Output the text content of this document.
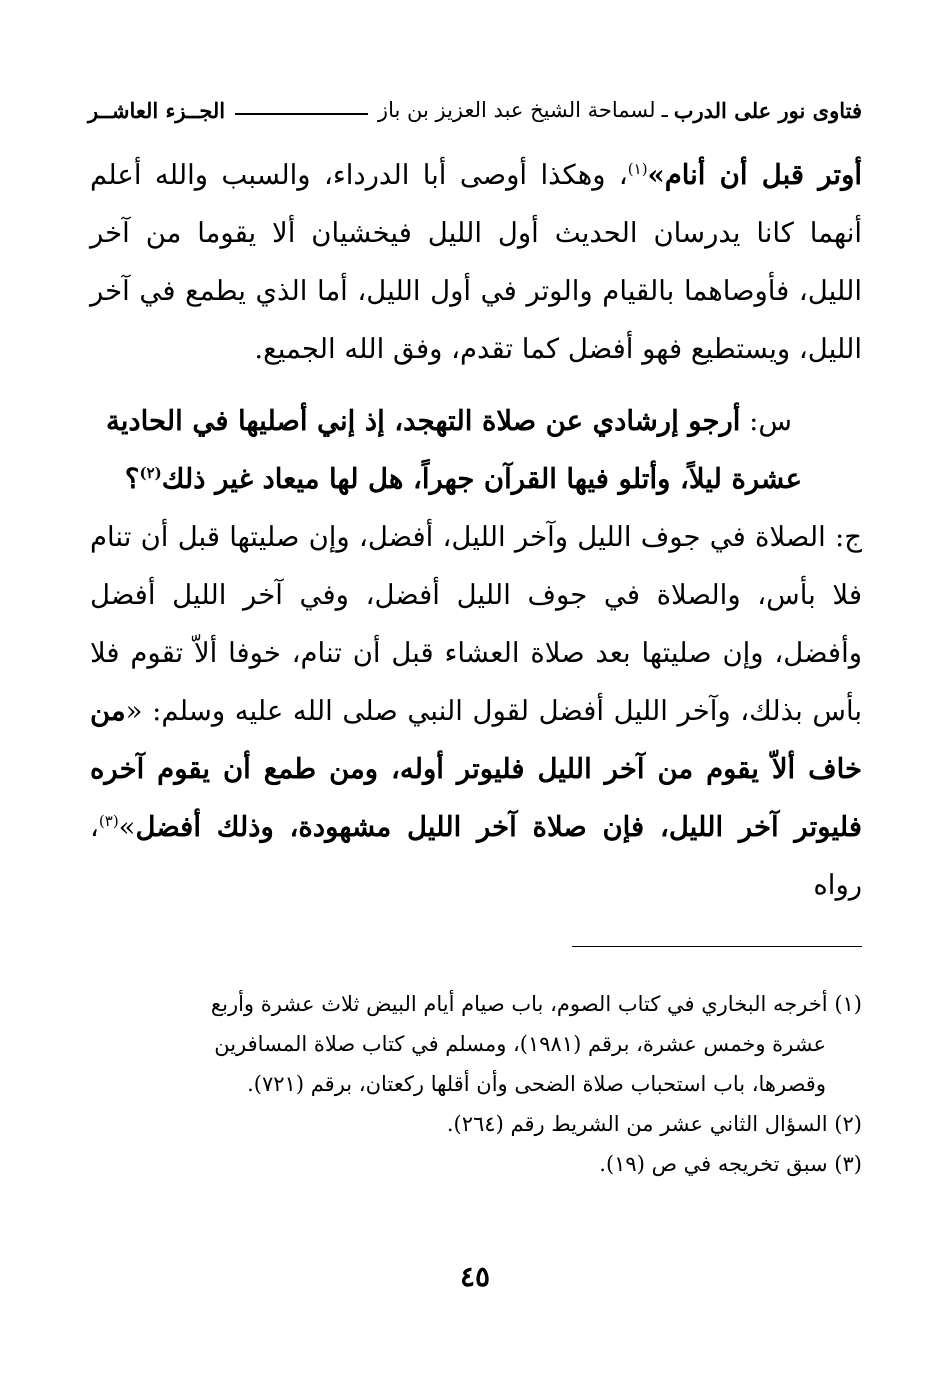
فتاوى نور على الدرب
ـ
لسماحة الشيخ عبد العزيز بن باز
الجــزء العاشــر

أوتر قبل أن أنام»$^{(١)}$، وهكذا أوصى أبا الدرداء، والسبب والله أعلم أنهما كانا يدرسان الحديث أول الليل فيخشيان ألا يقوما من آخر الليل، فأوصاهما بالقيام والوتر في أول الليل، أما الذي يطمع في آخر الليل، ويستطيع فهو أفضل كما تقدم، وفق الله الجميع.

س: أرجو إرشادي عن صلاة التهجد، إذ إني أصليها في الحادية
عشرة ليلاً، وأتلو فيها القرآن جهراً، هل لها ميعاد غير ذلك$^{(٢)}$؟

ج: الصلاة في جوف الليل وآخر الليل، أفضل، وإن صليتها قبل أن تنام فلا بأس، والصلاة في جوف الليل أفضل، وفي آخر الليل أفضل وأفضل، وإن صليتها بعد صلاة العشاء قبل أن تنام، خوفا ألاّ تقوم فلا بأس بذلك، وآخر الليل أفضل لقول النبي صلى الله عليه وسلم: «من خاف ألاّ يقوم من آخر الليل فليوتر أوله، ومن طمع أن يقوم آخره فليوتر آخر الليل، فإن صلاة آخر الليل مشهودة، وذلك أفضل»$^{(٣)}$، رواه

(١) أخرجه البخاري في كتاب الصوم، باب صيام أيام البيض ثلاث عشرة وأربع
عشرة وخمس عشرة، برقم (١٩٨١)، ومسلم في كتاب صلاة المسافرين
وقصرها، باب استحباب صلاة الضحى وأن أقلها ركعتان، برقم (٧٢١).

(٢) السؤال الثاني عشر من الشريط رقم (٢٦٤).

(٣) سبق تخريجه في ص (١٩).

٤٥
